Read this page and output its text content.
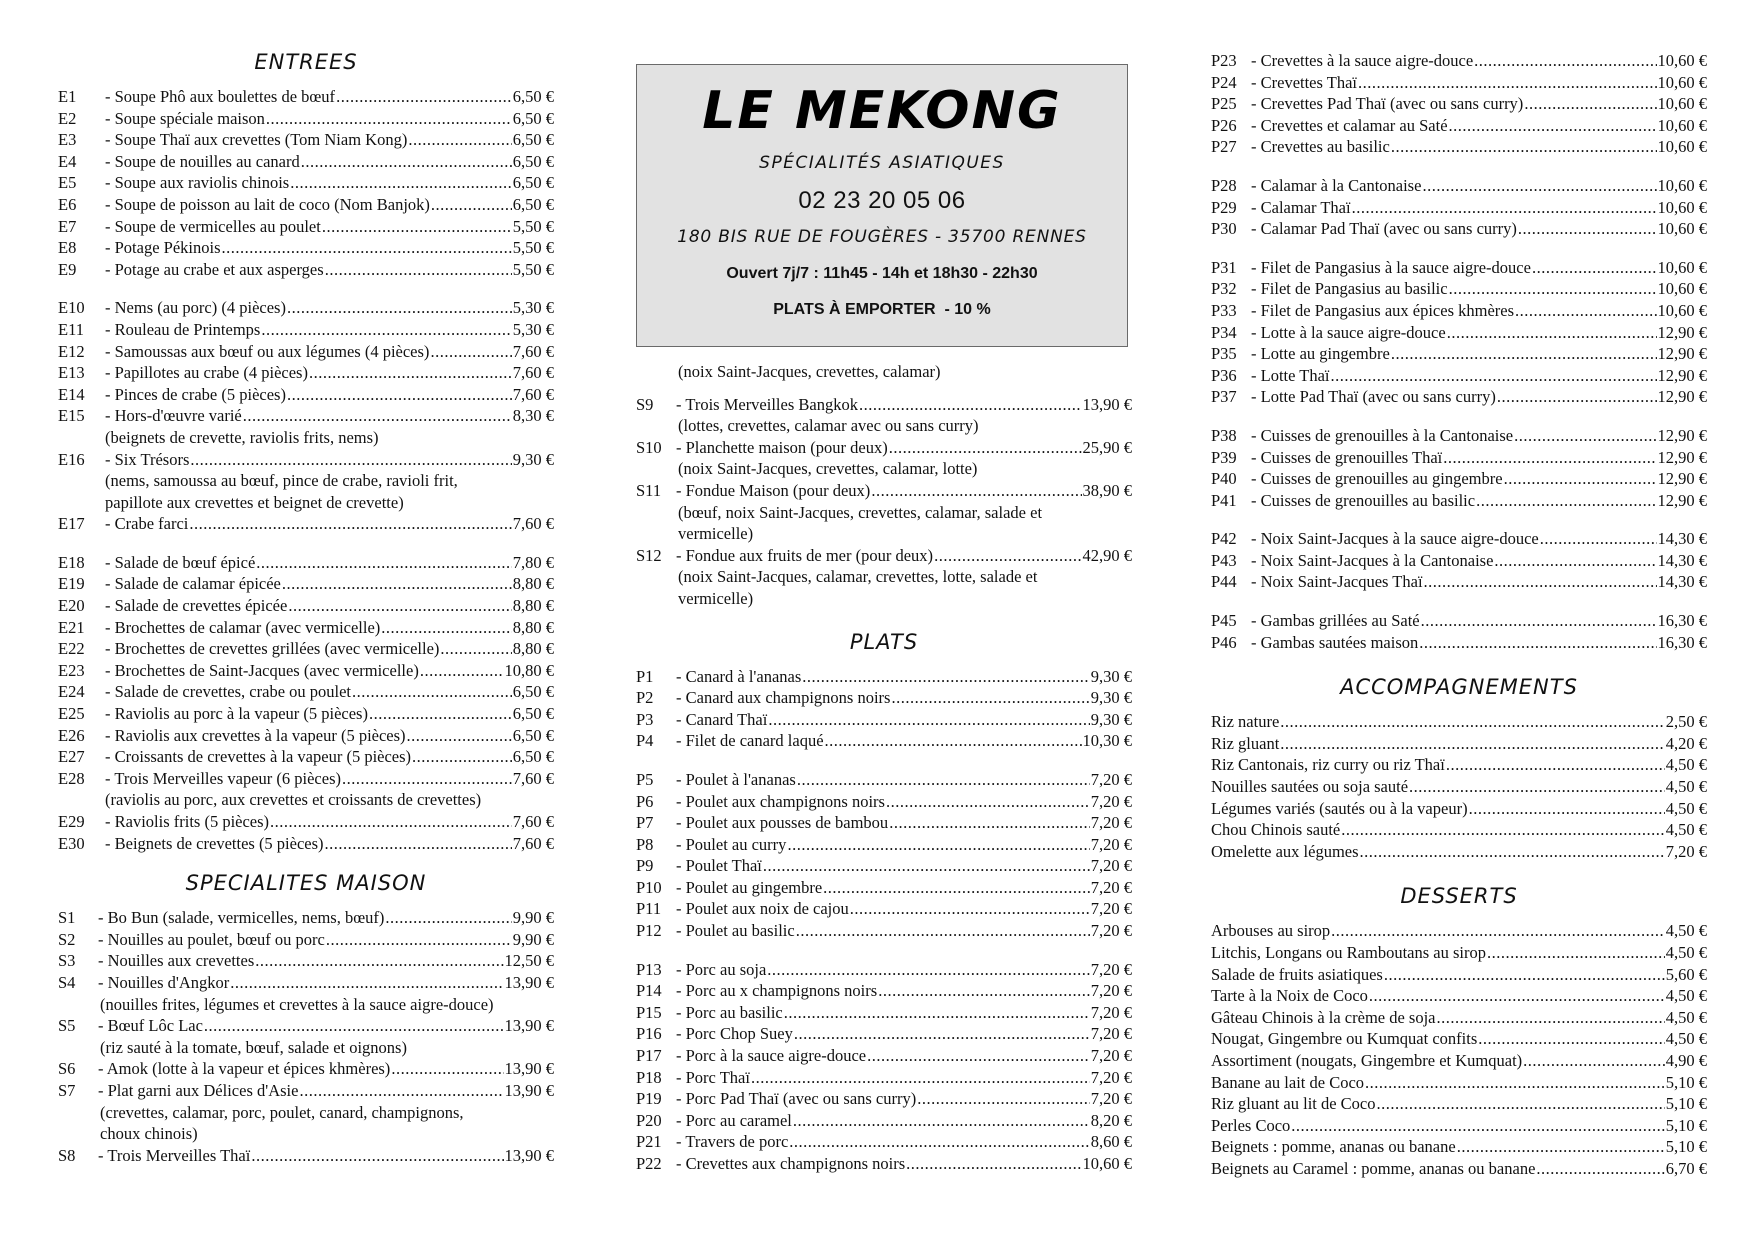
ENTREES
E1	- Soupe Phô aux boulettes de bœuf .....	6,50 €
E2	- Soupe spéciale maison .....	6,50 €
E3	- Soupe Thaï aux crevettes (Tom Niam Kong) .....	6,50 €
E4	- Soupe de nouilles au canard .....	6,50 €
E5	- Soupe aux raviolis chinois .....	6,50 €
E6	- Soupe de poisson au lait de coco (Nom Banjok) .....	6,50 €
E7	- Soupe de vermicelles au poulet .....	5,50 €
E8	- Potage Pékinois .....	5,50 €
E9	- Potage au crabe et aux asperges .....	5,50 €
E10	- Nems (au porc) (4 pièces) .....	5,30 €
E11	- Rouleau de Printemps .....	5,30 €
E12	- Samoussas aux bœuf ou aux légumes (4 pièces) .....	7,60 €
E13	- Papillotes au crabe (4 pièces) .....	7,60 €
E14	- Pinces de crabe (5 pièces) .....	7,60 €
E15	- Hors-d'œuvre varié .....	8,30 €
(beignets de crevette, raviolis frits, nems)
E16	- Six Trésors .....	9,30 €
(nems, samoussa au bœuf, pince de crabe, ravioli frit, papillote aux crevettes et beignet de crevette)
E17	- Crabe farci .....	7,60 €
E18	- Salade de bœuf épicé .....	7,80 €
E19	- Salade de calamar épicée .....	8,80 €
E20	- Salade de crevettes épicée .....	8,80 €
E21	- Brochettes de calamar (avec vermicelle) .....	8,80 €
E22	- Brochettes de crevettes grillées (avec vermicelle) .....	8,80 €
E23	- Brochettes de Saint-Jacques (avec vermicelle) .....	10,80 €
E24	- Salade de crevettes, crabe ou poulet .....	6,50 €
E25	- Raviolis au porc à la vapeur (5 pièces) .....	6,50 €
E26	- Raviolis aux crevettes à la vapeur (5 pièces) .....	6,50 €
E27	- Croissants de crevettes à la vapeur (5 pièces) .....	6,50 €
E28	- Trois Merveilles vapeur (6 pièces) .....	7,60 €
(raviolis au porc, aux crevettes et croissants de crevettes)
E29	- Raviolis frits (5 pièces) .....	7,60 €
E30	- Beignets de crevettes (5 pièces) .....	7,60 €
SPECIALITES MAISON
S1	- Bo Bun (salade, vermicelles, nems, bœuf) .....	9,90 €
S2	- Nouilles au poulet, bœuf ou porc .....	9,90 €
S3	- Nouilles aux crevettes .....	12,50 €
S4	- Nouilles d'Angkor .....	13,90 €
(nouilles frites, légumes et crevettes à la sauce aigre-douce)
S5	- Bœuf Lôc Lac .....	13,90 €
(riz sauté à la tomate, bœuf, salade et oignons)
S6	- Amok (lotte à la vapeur et épices khmères) .....	13,90 €
S7	- Plat garni aux Délices d'Asie .....	13,90 €
(crevettes, calamar, porc, poulet, canard, champignons, choux chinois)
S8	- Trois Merveilles Thaï .....	13,90 €
LE MEKONG
SPÉCIALITÉS ASIATIQUES
02 23 20 05 06
180 BIS RUE DE FOUGÈRES - 35700 RENNES
Ouvert 7j/7 : 11h45 - 14h et 18h30 - 22h30
PLATS À EMPORTER  - 10 %
(noix Saint-Jacques, crevettes, calamar)
S9	- Trois Merveilles Bangkok .....	13,90 €
(lottes, crevettes, calamar avec ou sans curry)
S10 - Planchette maison (pour deux) .....	25,90 €
(noix Saint-Jacques, crevettes, calamar, lotte)
S11 - Fondue Maison (pour deux) .....	38,90 €
(bœuf, noix Saint-Jacques, crevettes, calamar, salade et vermicelle)
S12 - Fondue aux fruits de mer (pour deux) .....	42,90 €
(noix Saint-Jacques, calamar, crevettes, lotte, salade et vermicelle)
PLATS
P1	- Canard à l'ananas .....	9,30 €
P2	- Canard aux champignons noirs .....	9,30 €
P3	- Canard Thaï .....	9,30 €
P4	- Filet de canard laqué .....	10,30 €
P5	- Poulet à l'ananas .....	7,20 €
P6	- Poulet aux champignons noirs .....	7,20 €
P7	- Poulet aux pousses de bambou .....	7,20 €
P8	- Poulet au curry .....	7,20 €
P9	- Poulet Thaï .....	7,20 €
P10 - Poulet au gingembre .....	7,20 €
P11 - Poulet aux noix de cajou .....	7,20 €
P12 - Poulet au basilic .....	7,20 €
P13 - Porc au soja .....	7,20 €
P14 - Porc au x champignons noirs .....	7,20 €
P15 - Porc au basilic .....	7,20 €
P16 - Porc Chop Suey .....	7,20 €
P17 - Porc à la sauce aigre-douce .....	7,20 €
P18 - Porc Thaï .....	7,20 €
P19 - Porc Pad Thaï (avec ou sans curry) .....	7,20 €
P20 - Porc au caramel .....	8,20 €
P21 - Travers de porc .....	8,60 €
P22 - Crevettes aux champignons noirs .....	10,60 €
P23 - Crevettes à la sauce aigre-douce .....	10,60 €
P24 - Crevettes Thaï .....	10,60 €
P25 - Crevettes Pad Thaï (avec ou sans curry) .....	10,60 €
P26 - Crevettes et calamar au Saté .....	10,60 €
P27 - Crevettes au basilic .....	10,60 €
P28 - Calamar à la Cantonaise .....	10,60 €
P29 - Calamar Thaï .....	10,60 €
P30 - Calamar Pad Thaï (avec ou sans curry) .....	10,60 €
P31 - Filet de Pangasius à la sauce aigre-douce .....	10,60 €
P32 - Filet de Pangasius au basilic .....	10,60 €
P33 - Filet de Pangasius aux épices khmères .....	10,60 €
P34 - Lotte à la sauce aigre-douce .....	12,90 €
P35 - Lotte au gingembre .....	12,90 €
P36 - Lotte Thaï .....	12,90 €
P37 - Lotte Pad Thaï (avec ou sans curry) .....	12,90 €
P38 - Cuisses de grenouilles à la Cantonaise .....	12,90 €
P39 - Cuisses de grenouilles Thaï .....	12,90 €
P40 - Cuisses de grenouilles au gingembre .....	12,90 €
P41 - Cuisses de grenouilles au basilic .....	12,90 €
P42 - Noix Saint-Jacques à la sauce aigre-douce .....	14,30 €
P43 - Noix Saint-Jacques à la Cantonaise .....	14,30 €
P44 - Noix Saint-Jacques Thaï .....	14,30 €
P45 - Gambas grillées au Saté .....	16,30 €
P46 - Gambas sautées maison .....	16,30 €
ACCOMPAGNEMENTS
Riz nature .....	2,50 €
Riz gluant .....	4,20 €
Riz Cantonais, riz curry ou riz Thaï .....	4,50 €
Nouilles sautées ou soja sauté .....	4,50 €
Légumes variés (sautés ou à la vapeur) .....	4,50 €
Chou Chinois sauté .....	4,50 €
Omelette aux légumes .....	7,20 €
DESSERTS
Arbouses au sirop .....	4,50 €
Litchis, Longans ou Ramboutans au sirop .....	4,50 €
Salade de fruits asiatiques .....	5,60 €
Tarte à la Noix de Coco .....	4,50 €
Gâteau Chinois à la crème de soja .....	4,50 €
Nougat, Gingembre ou Kumquat confits .....	4,50 €
Assortiment (nougats, Gingembre et Kumquat) .....	4,90 €
Banane au lait de Coco .....	5,10 €
Riz gluant au lit de Coco .....	5,10 €
Perles Coco .....	5,10 €
Beignets : pomme, ananas ou banane .....	5,10 €
Beignets au Caramel : pomme, ananas ou banane .....	6,70 €
